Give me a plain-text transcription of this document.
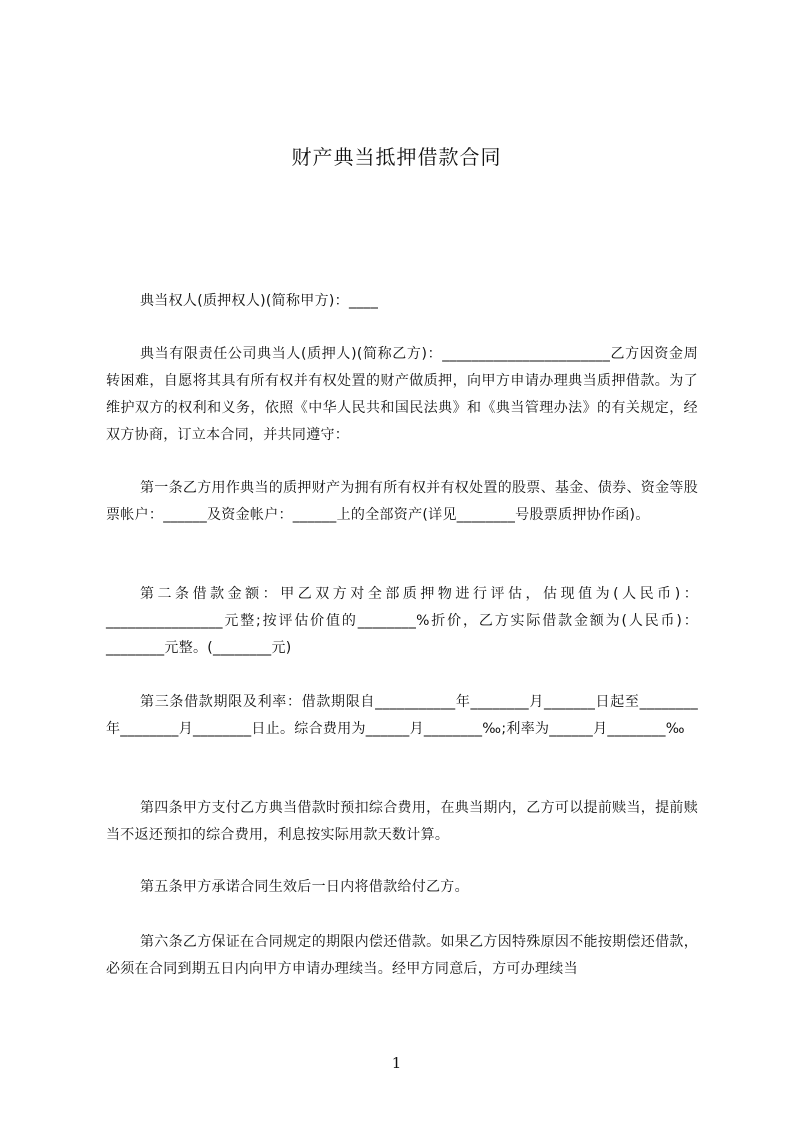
财产典当抵押借款合同

典当权人(质押权人)(简称甲方)：____

典当有限责任公司典当人(质押人)(简称乙方)：_______________________乙方因资金周转困难，自愿将其具有所有权并有权处置的财产做质押，向甲方申请办理典当质押借款。为了维护双方的权利和义务，依照《中华人民共和国民法典》和《典当管理办法》的有关规定，经双方协商，订立本合同，并共同遵守：

第一条乙方用作典当的质押财产为拥有所有权并有权处置的股票、基金、债券、资金等股票帐户：______及资金帐户：______上的全部资产(详见________号股票质押协作函)。

第二条借款金额：甲乙双方对全部质押物进行评估，估现值为(人民币)：________________元整;按评估价值的________%折价，乙方实际借款金额为(人民币)：________元整。(________元)

第三条借款期限及利率：借款期限自___________年________月_______日起至________年________月________日止。综合费用为______月________‰;利率为______月________‰

第四条甲方支付乙方典当借款时预扣综合费用，在典当期内，乙方可以提前赎当，提前赎当不返还预扣的综合费用，利息按实际用款天数计算。

第五条甲方承诺合同生效后一日内将借款给付乙方。

第六条乙方保证在合同规定的期限内偿还借款。如果乙方因特殊原因不能按期偿还借款，必须在合同到期五日内向甲方申请办理续当。经甲方同意后，方可办理续当

1
